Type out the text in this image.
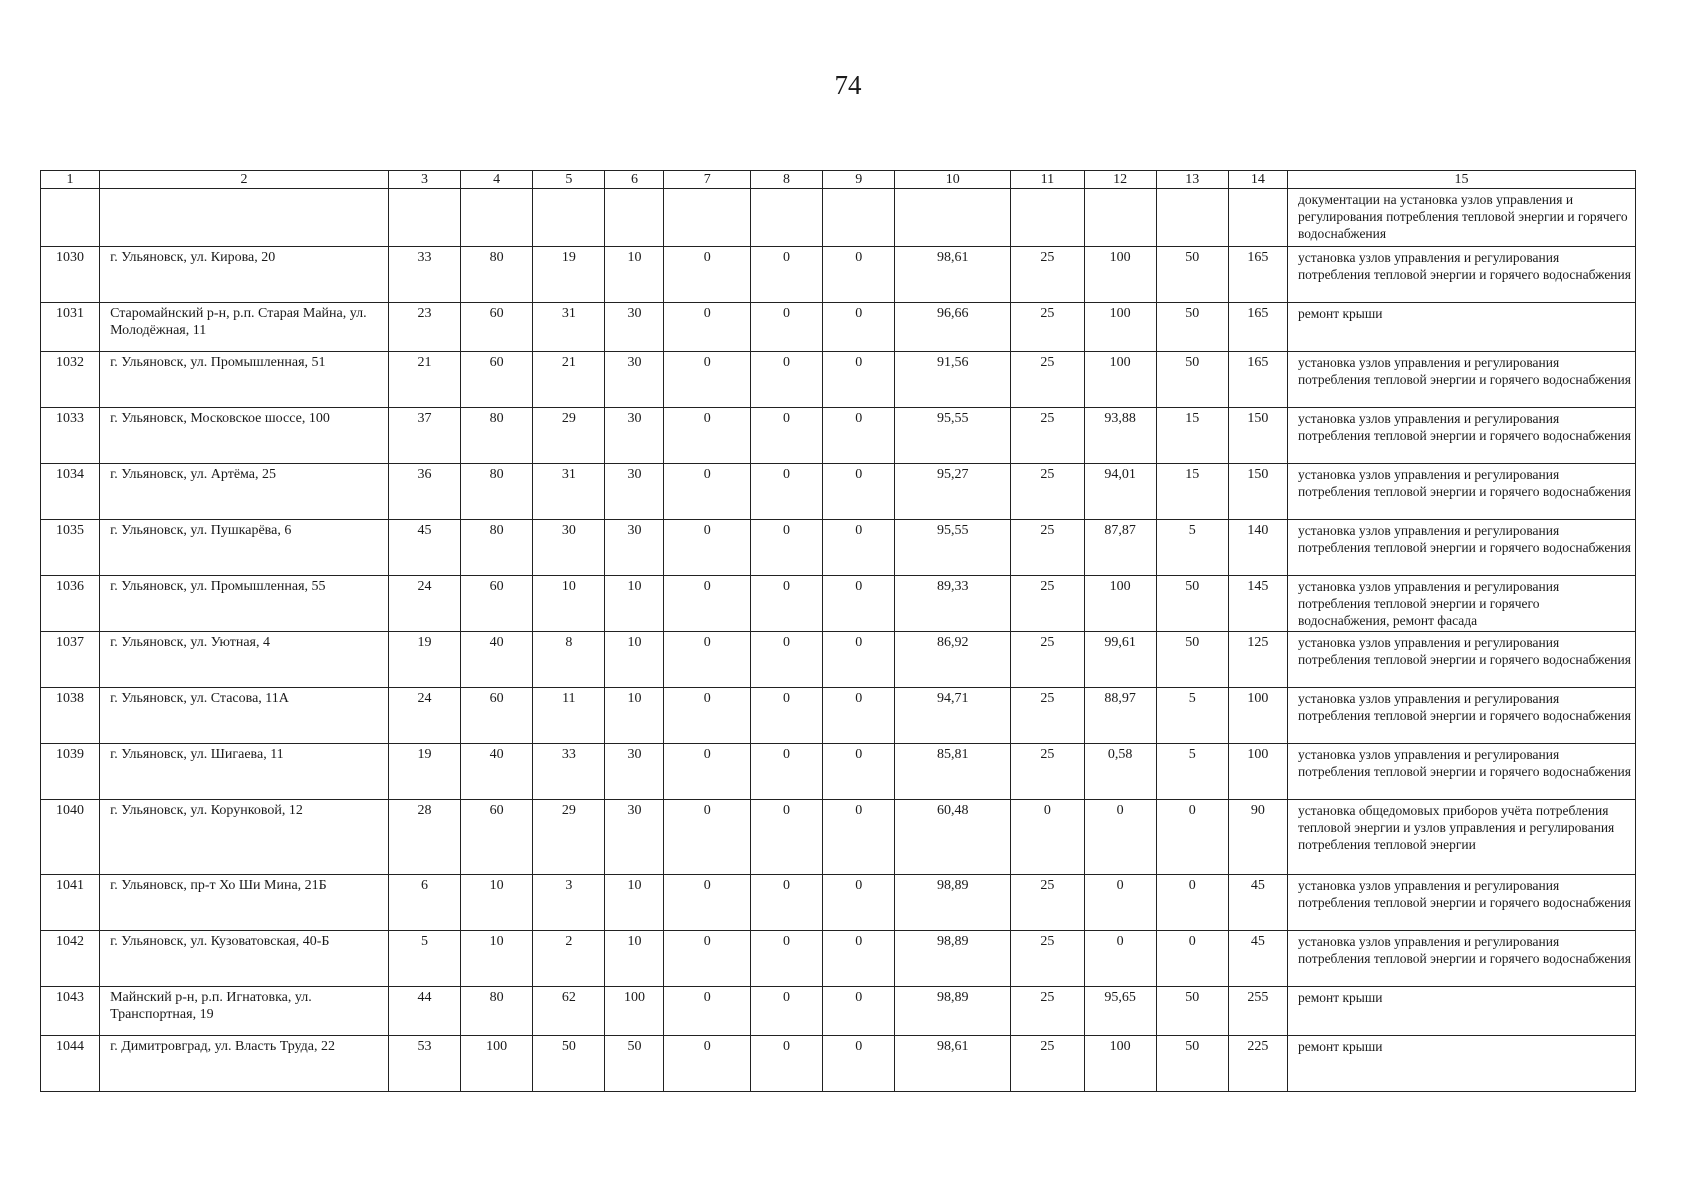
74
1	2	3	4	5	6	7	8	9	10	11	12	13	14	15
														документации на установка узлов управления и регулирования потребления тепловой энергии и горячего водоснабжения
1030	г. Ульяновск, ул. Кирова, 20	33	80	19	10	0	0	0	98,61	25	100	50	165	установка узлов управления и регулирования потребления тепловой энергии и горячего водоснабжения
1031	Старомайнский р-н, р.п. Старая Майна, ул. Молодёжная, 11	23	60	31	30	0	0	0	96,66	25	100	50	165	ремонт крыши
1032	г. Ульяновск, ул. Промышленная, 51	21	60	21	30	0	0	0	91,56	25	100	50	165	установка узлов управления и регулирования потребления тепловой энергии и горячего водоснабжения
1033	г. Ульяновск, Московское шоссе, 100	37	80	29	30	0	0	0	95,55	25	93,88	15	150	установка узлов управления и регулирования потребления тепловой энергии и горячего водоснабжения
1034	г. Ульяновск, ул. Артёма, 25	36	80	31	30	0	0	0	95,27	25	94,01	15	150	установка узлов управления и регулирования потребления тепловой энергии и горячего водоснабжения
1035	г. Ульяновск, ул. Пушкарёва, 6	45	80	30	30	0	0	0	95,55	25	87,87	5	140	установка узлов управления и регулирования потребления тепловой энергии и горячего водоснабжения
1036	г. Ульяновск, ул. Промышленная, 55	24	60	10	10	0	0	0	89,33	25	100	50	145	установка узлов управления и регулирования потребления тепловой энергии и горячего водоснабжения, ремонт фасада
1037	г. Ульяновск, ул. Уютная, 4	19	40	8	10	0	0	0	86,92	25	99,61	50	125	установка узлов управления и регулирования потребления тепловой энергии и горячего водоснабжения
1038	г. Ульяновск, ул. Стасова, 11А	24	60	11	10	0	0	0	94,71	25	88,97	5	100	установка узлов управления и регулирования потребления тепловой энергии и горячего водоснабжения
1039	г. Ульяновск, ул. Шигаева, 11	19	40	33	30	0	0	0	85,81	25	0,58	5	100	установка узлов управления и регулирования потребления тепловой энергии и горячего водоснабжения
1040	г. Ульяновск, ул. Корунковой, 12	28	60	29	30	0	0	0	60,48	0	0	0	90	установка общедомовых приборов учёта потребления тепловой энергии и узлов управления и регулирования потребления тепловой энергии
1041	г. Ульяновск, пр-т Хо Ши Мина, 21Б	6	10	3	10	0	0	0	98,89	25	0	0	45	установка узлов управления и регулирования потребления тепловой энергии и горячего водоснабжения
1042	г. Ульяновск, ул. Кузоватовская, 40-Б	5	10	2	10	0	0	0	98,89	25	0	0	45	установка узлов управления и регулирования потребления тепловой энергии и горячего водоснабжения
1043	Майнский р-н, р.п. Игнатовка, ул. Транспортная, 19	44	80	62	100	0	0	0	98,89	25	95,65	50	255	ремонт крыши
1044	г. Димитровград, ул. Власть Труда, 22	53	100	50	50	0	0	0	98,61	25	100	50	225	ремонт крыши
